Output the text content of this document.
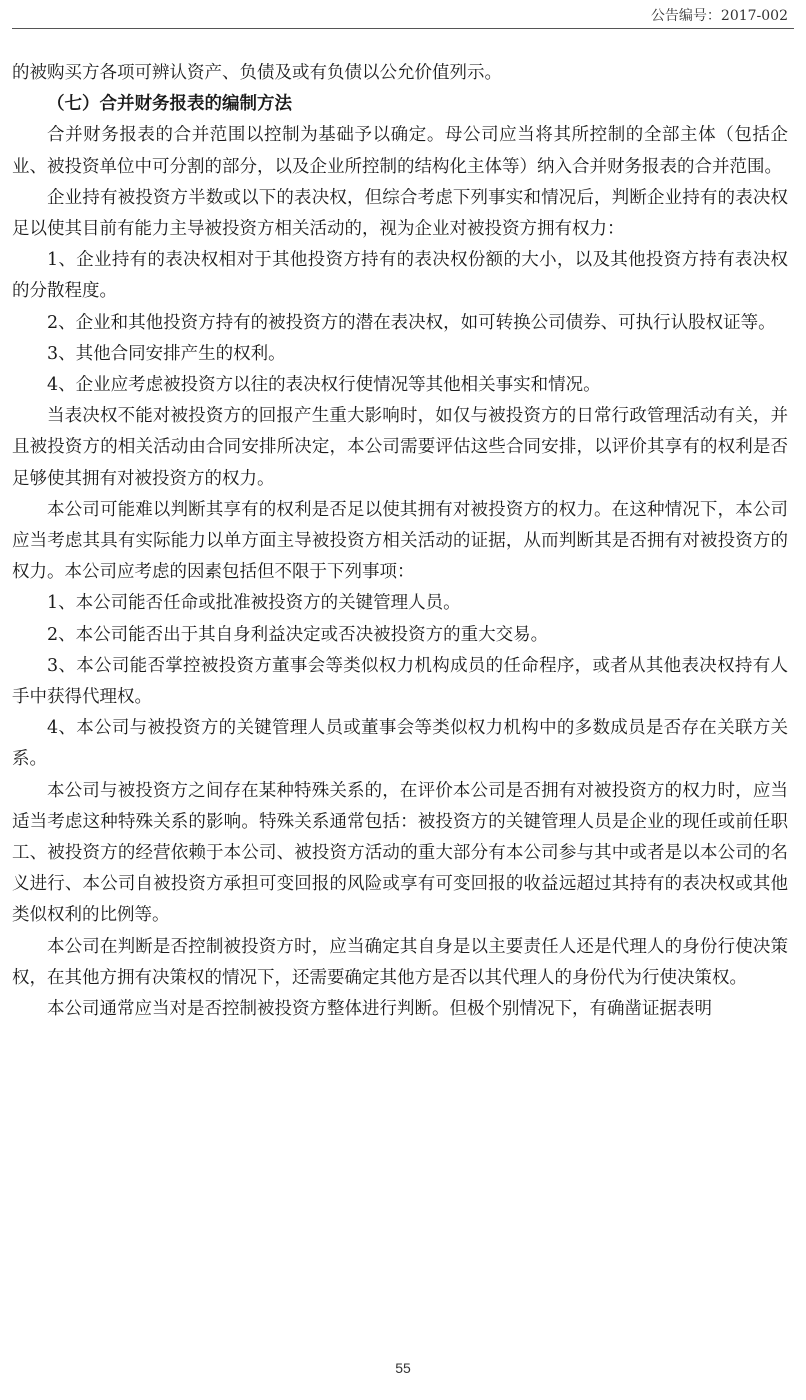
公告编号：2017-002

的被购买方各项可辨认资产、负债及或有负债以公允价值列示。

（七）合并财务报表的编制方法

合并财务报表的合并范围以控制为基础予以确定。母公司应当将其所控制的全部主体（包括企业、被投资单位中可分割的部分，以及企业所控制的结构化主体等）纳入合并财务报表的合并范围。

企业持有被投资方半数或以下的表决权，但综合考虑下列事实和情况后，判断企业持有的表决权足以使其目前有能力主导被投资方相关活动的，视为企业对被投资方拥有权力：

1、企业持有的表决权相对于其他投资方持有的表决权份额的大小，以及其他投资方持有表决权的分散程度。

2、企业和其他投资方持有的被投资方的潜在表决权，如可转换公司债券、可执行认股权证等。

3、其他合同安排产生的权利。

4、企业应考虑被投资方以往的表决权行使情况等其他相关事实和情况。

当表决权不能对被投资方的回报产生重大影响时，如仅与被投资方的日常行政管理活动有关，并且被投资方的相关活动由合同安排所决定，本公司需要评估这些合同安排，以评价其享有的权利是否足够使其拥有对被投资方的权力。

本公司可能难以判断其享有的权利是否足以使其拥有对被投资方的权力。在这种情况下，本公司应当考虑其具有实际能力以单方面主导被投资方相关活动的证据，从而判断其是否拥有对被投资方的权力。本公司应考虑的因素包括但不限于下列事项：

1、本公司能否任命或批准被投资方的关键管理人员。

2、本公司能否出于其自身利益决定或否决被投资方的重大交易。

3、本公司能否掌控被投资方董事会等类似权力机构成员的任命程序，或者从其他表决权持有人手中获得代理权。

4、本公司与被投资方的关键管理人员或董事会等类似权力机构中的多数成员是否存在关联方关系。

本公司与被投资方之间存在某种特殊关系的，在评价本公司是否拥有对被投资方的权力时，应当适当考虑这种特殊关系的影响。特殊关系通常包括：被投资方的关键管理人员是企业的现任或前任职工、被投资方的经营依赖于本公司、被投资方活动的重大部分有本公司参与其中或者是以本公司的名义进行、本公司自被投资方承担可变回报的风险或享有可变回报的收益远超过其持有的表决权或其他类似权利的比例等。

本公司在判断是否控制被投资方时，应当确定其自身是以主要责任人还是代理人的身份行使决策权，在其他方拥有决策权的情况下，还需要确定其他方是否以其代理人的身份代为行使决策权。

本公司通常应当对是否控制被投资方整体进行判断。但极个别情况下，有确凿证据表明

55
